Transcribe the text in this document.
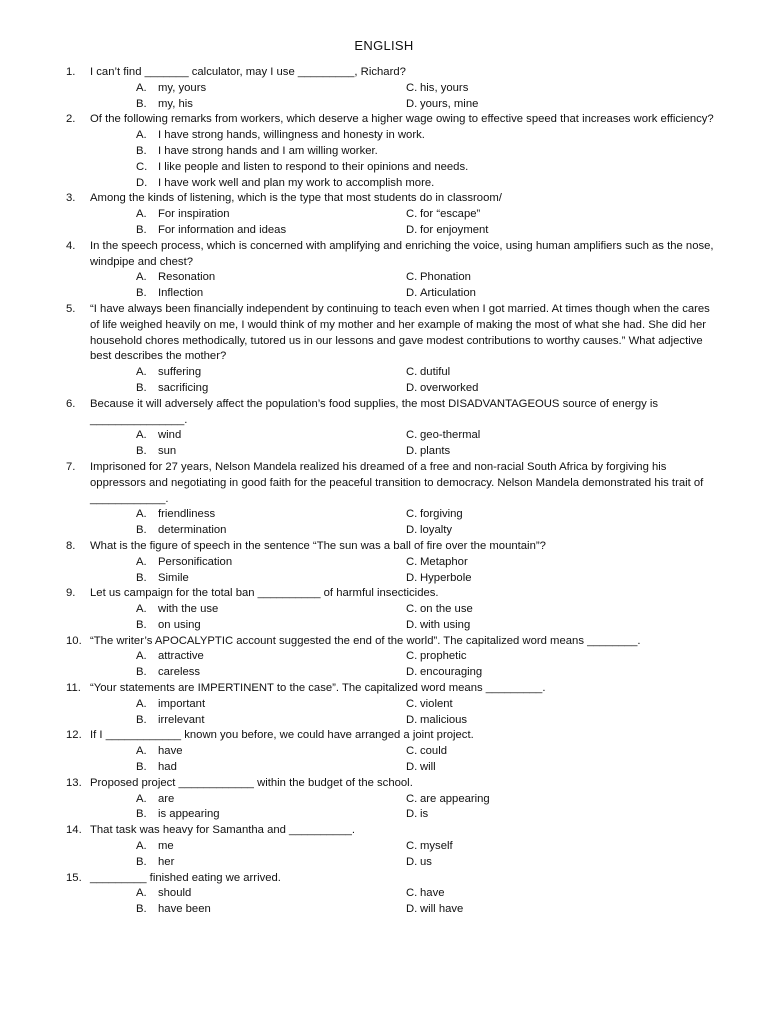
ENGLISH
1. I can’t find _______ calculator, may I use _________, Richard?
A. my, yours	C. his, yours
B. my, his	D. yours, mine
2. Of the following remarks from workers, which deserve a higher wage owing to effective speed that increases work efficiency?
A. I have strong hands, willingness and honesty in work.
B. I have strong hands and I am willing worker.
C. I like people and listen to respond to their opinions and needs.
D. I have work well and plan my work to accomplish more.
3. Among the kinds of listening, which is the type that most students do in classroom/
A. For inspiration	C. for “escape”
B. For information and ideas	D. for enjoyment
4. In the speech process, which is concerned with amplifying and enriching the voice, using human amplifiers such as the nose, windpipe and chest?
A. Resonation	C. Phonation
B. Inflection	D. Articulation
5. “I have always been financially independent by continuing to teach even when I got married. At times though when the cares of life weighed heavily on me, I would think of my mother and her example of making the most of what she had. She did her household chores methodically, tutored us in our lessons and gave modest contributions to worthy causes.” What adjective best describes the mother?
A. suffering	C. dutiful
B. sacrificing	D. overworked
6. Because it will adversely affect the population’s food supplies, the most DISADVANTAGEOUS source of energy is _______________.
A. wind	C. geo-thermal
B. sun	D. plants
7. Imprisoned for 27 years, Nelson Mandela realized his dreamed of a free and non-racial South Africa by forgiving his oppressors and negotiating in good faith for the peaceful transition to democracy. Nelson Mandela demonstrated his trait of ____________.
A. friendliness	C. forgiving
B. determination	D. loyalty
8. What is the figure of speech in the sentence “The sun was a ball of fire over the mountain”?
A. Personification	C. Metaphor
B. Simile	D. Hyperbole
9. Let us campaign for the total ban __________ of harmful insecticides.
A. with the use	C. on the use
B. on using	D. with using
10. “The writer’s APOCALYPTIC account suggested the end of the world”. The capitalized word means ________.
A. attractive	C. prophetic
B. careless	D. encouraging
11. “Your statements are IMPERTINENT to the case”. The capitalized word means _________.
A. important	C. violent
B. irrelevant	D. malicious
12. If I ____________ known you before, we could have arranged a joint project.
A. have	C. could
B. had	D. will
13. Proposed project ____________ within the budget of the school.
A. are	C. are appearing
B. is appearing	D. is
14. That task was heavy for Samantha and __________.
A. me	C. myself
B. her	D. us
15. _________ finished eating we arrived.
A. should	C. have
B. have been	D. will have
